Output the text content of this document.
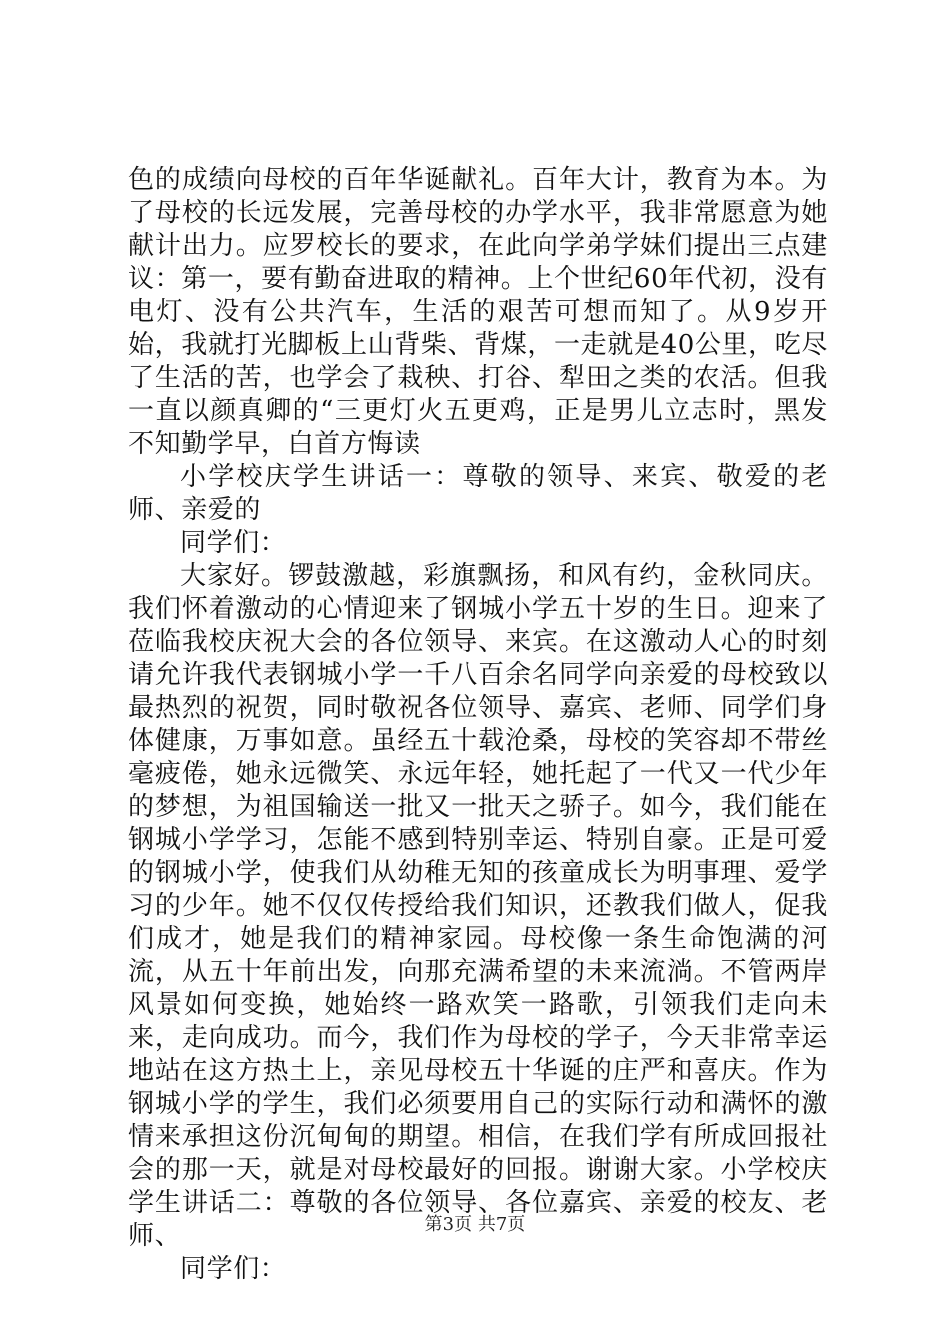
色的成绩向母校的百年华诞献礼。百年大计，教育为本。为了母校的长远发展，完善母校的办学水平，我非常愿意为她献计出力。应罗校长的要求，在此向学弟学妹们提出三点建议：第一，要有勤奋进取的精神。上个世纪60年代初，没有电灯、没有公共汽车，生活的艰苦可想而知了。从9岁开始，我就打光脚板上山背柴、背煤，一走就是40公里，吃尽了生活的苦，也学会了栽秧、打谷、犁田之类的农活。但我一直以颜真卿的“三更灯火五更鸡，正是男儿立志时，黑发不知勤学早，白首方悔读

小学校庆学生讲话一：尊敬的领导、来宾、敬爱的老师、亲爱的

同学们：

大家好。锣鼓激越，彩旗飘扬，和风有约，金秋同庆。我们怀着激动的心情迎来了钢城小学五十岁的生日。迎来了莅临我校庆祝大会的各位领导、来宾。在这激动人心的时刻请允许我代表钢城小学一千八百余名同学向亲爱的母校致以最热烈的祝贺，同时敬祝各位领导、嘉宾、老师、同学们身体健康，万事如意。虽经五十载沧桑，母校的笑容却不带丝毫疲倦，她永远微笑、永远年轻，她托起了一代又一代少年的梦想，为祖国输送一批又一批天之骄子。如今，我们能在钢城小学学习，怎能不感到特别幸运、特别自豪。正是可爱的钢城小学，使我们从幼稚无知的孩童成长为明事理、爱学习的少年。她不仅仅传授给我们知识，还教我们做人，促我们成才，她是我们的精神家园。母校像一条生命饱满的河流，从五十年前出发，向那充满希望的未来流淌。不管两岸风景如何变换，她始终一路欢笑一路歌，引领我们走向未来，走向成功。而今，我们作为母校的学子，今天非常幸运地站在这方热土上，亲见母校五十华诞的庄严和喜庆。作为钢城小学的学生，我们必须要用自己的实际行动和满怀的激情来承担这份沉甸甸的期望。相信，在我们学有所成回报社会的那一天，就是对母校最好的回报。谢谢大家。小学校庆学生讲话二：尊敬的各位领导、各位嘉宾、亲爱的校友、老师、

同学们：

第3页 共7页
